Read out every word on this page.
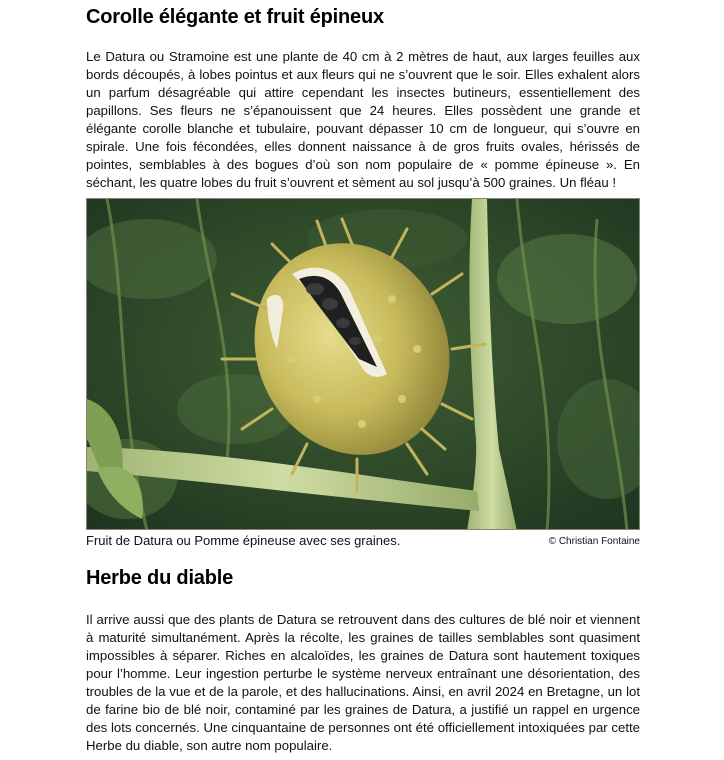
Corolle élégante et fruit épineux

Le Datura ou Stramoine est une plante de 40 cm à 2 mètres de haut, aux larges feuilles aux bords découpés, à lobes pointus et aux fleurs qui ne s’ouvrent que le soir. Elles exhalent alors un parfum désagréable qui attire cependant les insectes butineurs, essentiellement des papillons. Ses fleurs ne s’épanouissent que 24 heures. Elles possèdent une grande et élégante corolle blanche et tubulaire, pouvant dépasser 10 cm de longueur, qui s’ouvre en spirale. Une fois fécondées, elles donnent naissance à de gros fruits ovales, hérissés de pointes, semblables à des bogues d’où son nom populaire de « pomme épineuse ». En séchant, les quatre lobes du fruit s’ouvrent et sèment au sol jusqu’à 500 graines. Un fléau !

Fruit de Datura ou Pomme épineuse avec ses graines.	© Christian Fontaine
Herbe du diable

Il arrive aussi que des plants de Datura se retrouvent dans des cultures de blé noir et viennent à maturité simultanément. Après la récolte, les graines de tailles semblables sont quasiment impossibles à séparer. Riches en alcaloïdes, les graines de Datura sont hautement toxiques pour l’homme. Leur ingestion perturbe le système nerveux entraînant une désorientation, des troubles de la vue et de la parole, et des hallucinations. Ainsi, en avril 2024 en Bretagne, un lot de farine bio de blé noir, contaminé par les graines de Datura, a justifié un rappel en urgence des lots concernés. Une cinquantaine de personnes ont été officiellement intoxiquées par cette Herbe du diable, son autre nom populaire.
